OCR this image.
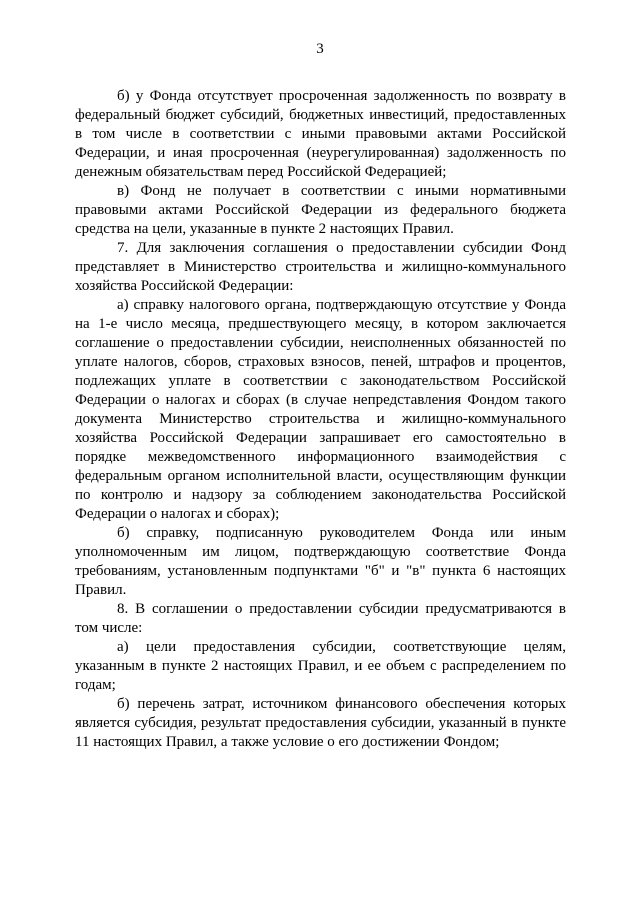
3

б) у Фонда отсутствует просроченная задолженность по возврату в федеральный бюджет субсидий, бюджетных инвестиций, предоставленных в том числе в соответствии с иными правовыми актами Российской Федерации, и иная просроченная (неурегулированная) задолженность по денежным обязательствам перед Российской Федерацией;

в) Фонд не получает в соответствии с иными нормативными правовыми актами Российской Федерации из федерального бюджета средства на цели, указанные в пункте 2 настоящих Правил.

7. Для заключения соглашения о предоставлении субсидии Фонд представляет в Министерство строительства и жилищно-коммунального хозяйства Российской Федерации:

а) справку налогового органа, подтверждающую отсутствие у Фонда на 1-е число месяца, предшествующего месяцу, в котором заключается соглашение о предоставлении субсидии, неисполненных обязанностей по уплате налогов, сборов, страховых взносов, пеней, штрафов и процентов, подлежащих уплате в соответствии с законодательством Российской Федерации о налогах и сборах (в случае непредставления Фондом такого документа Министерство строительства и жилищно-коммунального хозяйства Российской Федерации запрашивает его самостоятельно в порядке межведомственного информационного взаимодействия с федеральным органом исполнительной власти, осуществляющим функции по контролю и надзору за соблюдением законодательства Российской Федерации о налогах и сборах);

б) справку, подписанную руководителем Фонда или иным уполномоченным им лицом, подтверждающую соответствие Фонда требованиям, установленным подпунктами "б" и "в" пункта 6 настоящих Правил.

8. В соглашении о предоставлении субсидии предусматриваются в том числе:

а) цели предоставления субсидии, соответствующие целям, указанным в пункте 2 настоящих Правил, и ее объем с распределением по годам;

б) перечень затрат, источником финансового обеспечения которых является субсидия, результат предоставления субсидии, указанный в пункте 11 настоящих Правил, а также условие о его достижении Фондом;
